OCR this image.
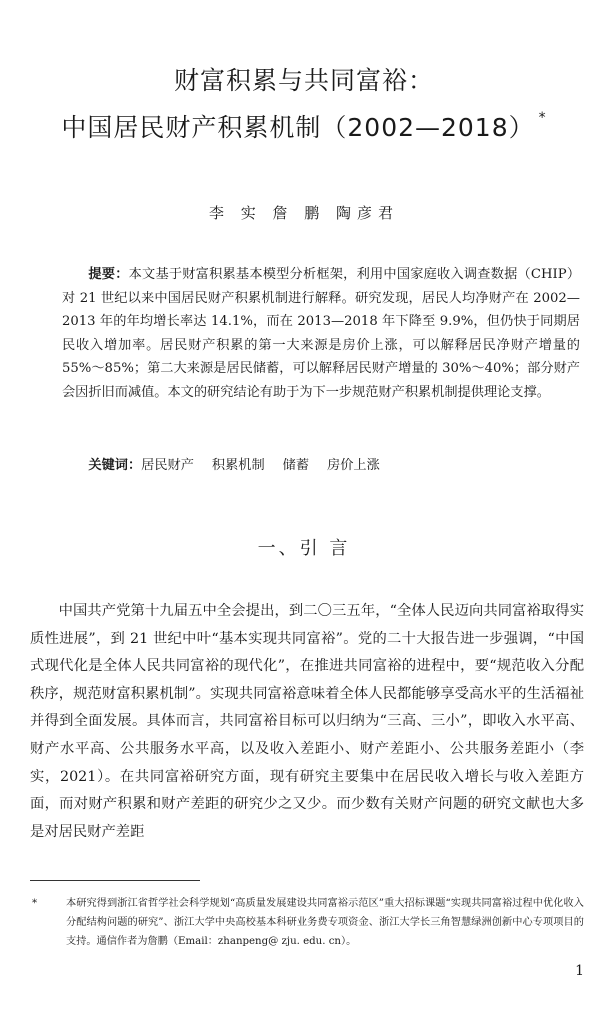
财富积累与共同富裕：
中国居民财产积累机制（2002—2018） *
李 实 詹 鹏 陶彦君
提要：本文基于财富积累基本模型分析框架，利用中国家庭收入调查数据（CHIP）对 21 世纪以来中国居民财产积累机制进行解释。研究发现，居民人均净财产在 2002—2013 年的年均增长率达 14.1%，而在 2013—2018 年下降至 9.9%，但仍快于同期居民收入增加率。居民财产积累的第一大来源是房价上涨，可以解释居民净财产增量的 55%～85%；第二大来源是居民储蓄，可以解释居民财产增量的 30%～40%；部分财产会因折旧而减值。本文的研究结论有助于为下一步规范财产积累机制提供理论支撑。
关键词：居民财产 积累机制 储蓄 房价上涨
一、引 言
中国共产党第十九届五中全会提出，到二〇三五年，“全体人民迈向共同富裕取得实质性进展”，到 21 世纪中叶“基本实现共同富裕”。党的二十大报告进一步强调，“中国式现代化是全体人民共同富裕的现代化”，在推进共同富裕的进程中，要“规范收入分配秩序，规范财富积累机制”。实现共同富裕意味着全体人民都能够享受高水平的生活福祉并得到全面发展。具体而言，共同富裕目标可以归纳为“三高、三小”，即收入水平高、财产水平高、公共服务水平高，以及收入差距小、财产差距小、公共服务差距小（李实，2021）。在共同富裕研究方面，现有研究主要集中在居民收入增长与收入差距方面，而对财产积累和财产差距的研究少之又少。而少数有关财产问题的研究文献也大多是对居民财产差距
*	本研究得到浙江省哲学社会科学规划“高质量发展建设共同富裕示范区”重大招标课题“实现共同富裕过程中优化收入分配结构问题的研究”、浙江大学中央高校基本科研业务费专项资金、浙江大学长三角智慧绿洲创新中心专项项目的支持。通信作者为詹鹏（Email：zhanpeng@ zju. edu. cn）。
1
